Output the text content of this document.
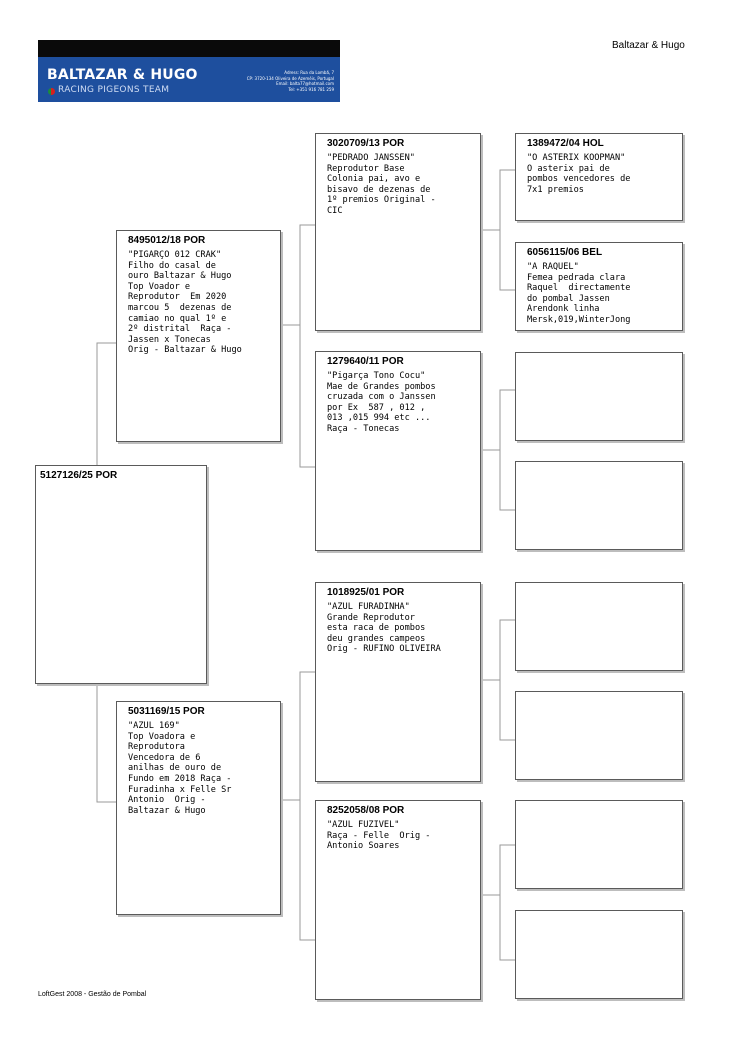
Baltazar & Hugo
BALTAZAR & HUGO
RACING PIGEONS TEAM
Adress: Rua da Lombã, 7
CP: 3720-134 Oliveira de Azeméis, Portugal
Email: balta77@hotmail.com
Tel: +351 916 781 259
5127126/25 POR
8495012/18 POR
"PIGARÇO 012 CRAK"
Filho do casal de
ouro Baltazar & Hugo
Top Voador e
Reprodutor  Em 2020
marcou 5  dezenas de
camiao no qual 1º e
2º distrital  Raça -
Jassen x Tonecas
Orig - Baltazar & Hugo
5031169/15 POR
"AZUL 169"
Top Voadora e
Reprodutora
Vencedora de 6
anilhas de ouro de
Fundo em 2018 Raça -
Furadinha x Felle Sr
Antonio  Orig -
Baltazar & Hugo
3020709/13 POR
"PEDRADO JANSSEN"
Reprodutor Base
Colonia pai, avo e
bisavo de dezenas de
1º premios Original -
CIC
1279640/11 POR
"Pigarça Tono Cocu"
Mae de Grandes pombos
cruzada com o Janssen
por Ex  587 , 012 ,
013 ,015 994 etc ...
Raça - Tonecas
1018925/01 POR
"AZUL FURADINHA"
Grande Reprodutor
esta raca de pombos
deu grandes campeos
Orig - RUFINO OLIVEIRA
8252058/08 POR
"AZUL FUZIVEL"
Raça - Felle  Orig -
Antonio Soares
1389472/04 HOL
"O ASTERIX KOOPMAN"
O asterix pai de
pombos vencedores de
7x1 premios
6056115/06 BEL
"A RAQUEL"
Femea pedrada clara
Raquel  directamente
do pombal Jassen
Arendonk linha
Mersk,019,WinterJong
LoftGest 2008 - Gestão de Pombal
